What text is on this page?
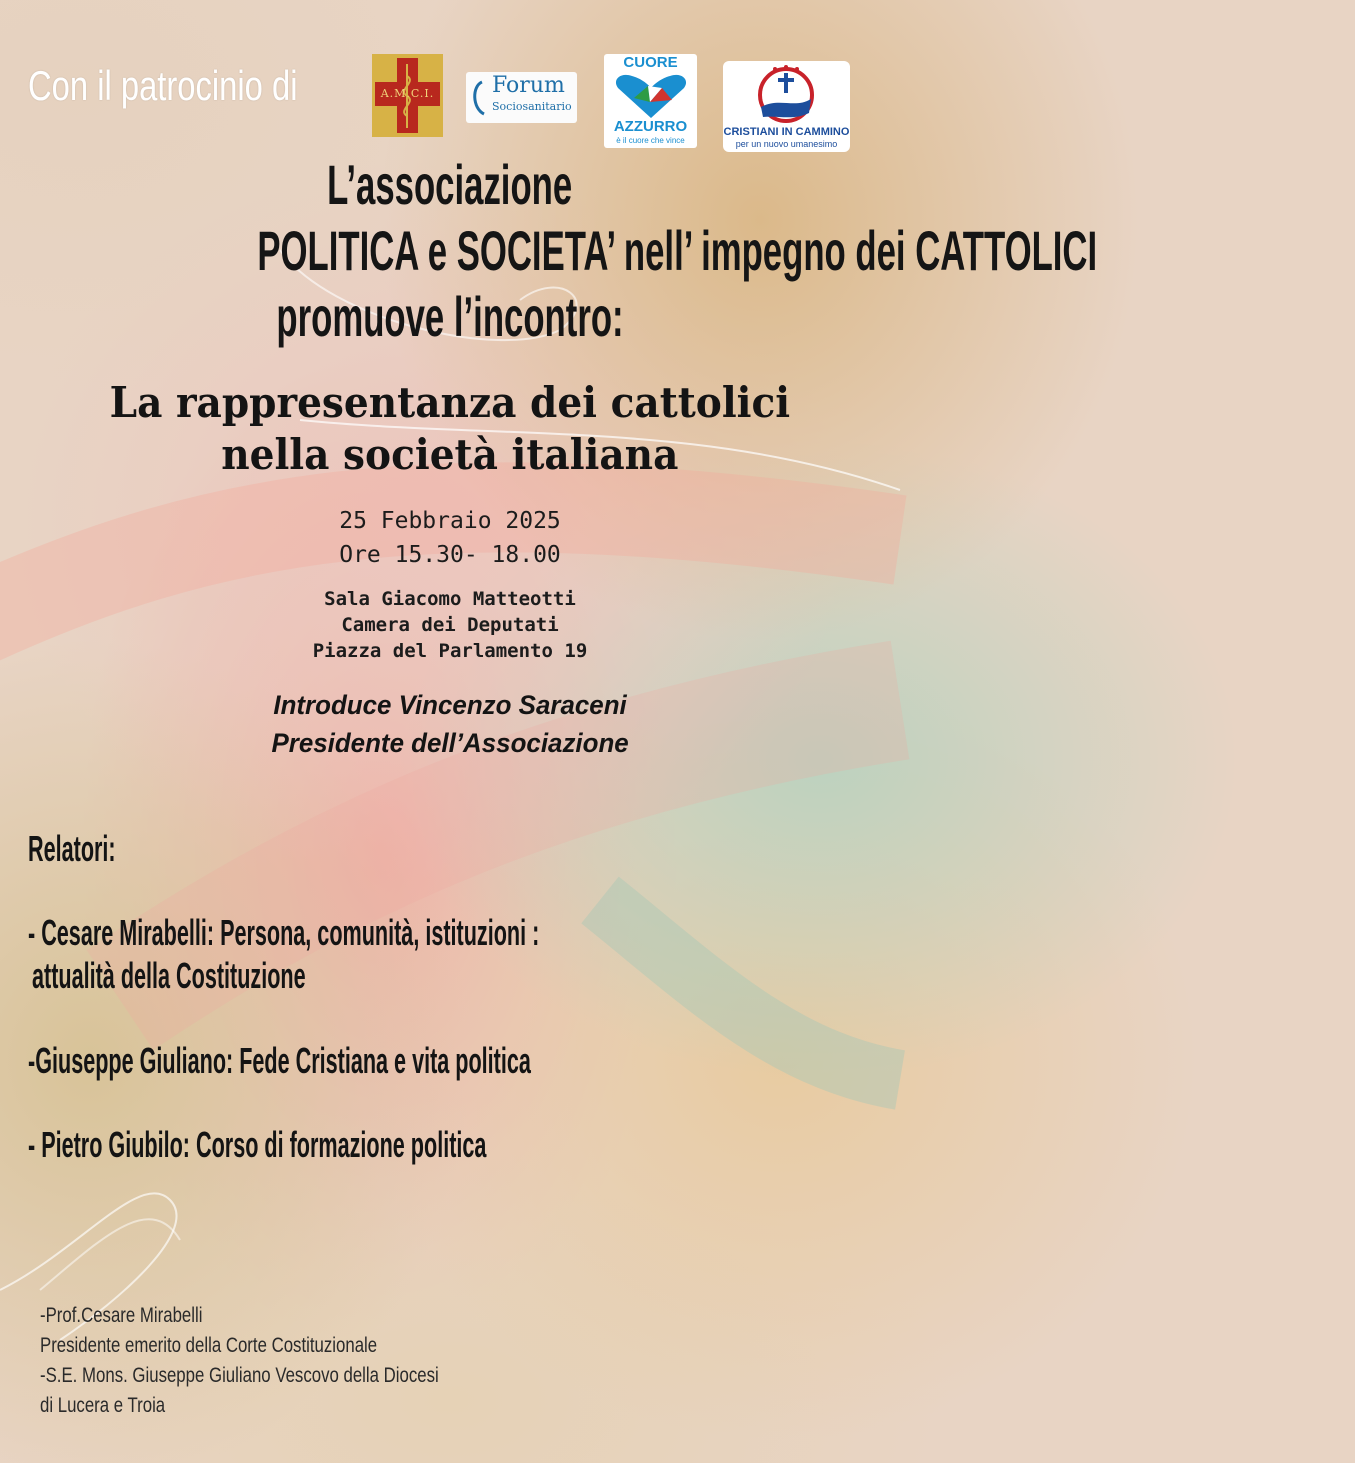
Con il patrocinio di	A.M.C.I.	Forum
Sociosanitario
CUORE
AZZURRO
è il cuore che vince
CRISTIANI IN CAMMINO
per un nuovo umanesimo
L’associazione
POLITICA e SOCIETA’ nell’ impegno dei CATTOLICI
promuove l’incontro:
La rappresentanza dei cattolici
nella società italiana
25 Febbraio 2025
Ore 15.30- 18.00
Sala Giacomo Matteotti
Camera dei Deputati
Piazza del Parlamento 19
Introduce Vincenzo Saraceni
Presidente dell’Associazione
Relatori:
- Cesare Mirabelli: Persona, comunità, istituzioni :
attualità della Costituzione
-Giuseppe Giuliano: Fede Cristiana e vita politica
- Pietro Giubilo: Corso di formazione politica
-Prof.Cesare Mirabelli
Presidente emerito della Corte Costituzionale
-S.E. Mons. Giuseppe Giuliano Vescovo della Diocesi
di Lucera e Troia
